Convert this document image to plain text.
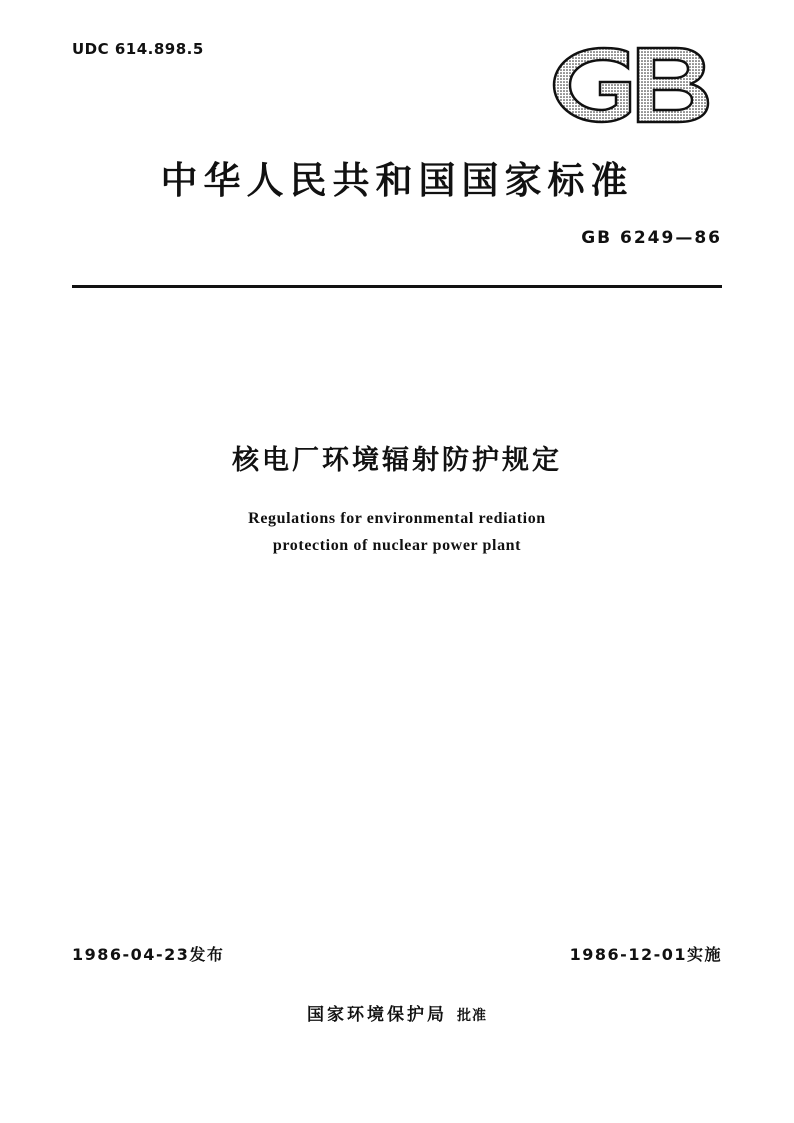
UDC 614.898.5
中华人民共和国国家标准
GB 6249—86
核电厂环境辐射防护规定
Regulations for environmental rediation
protection of nuclear power plant
1986-04-23发布	1986-12-01实施
国家环境保护局 批准
